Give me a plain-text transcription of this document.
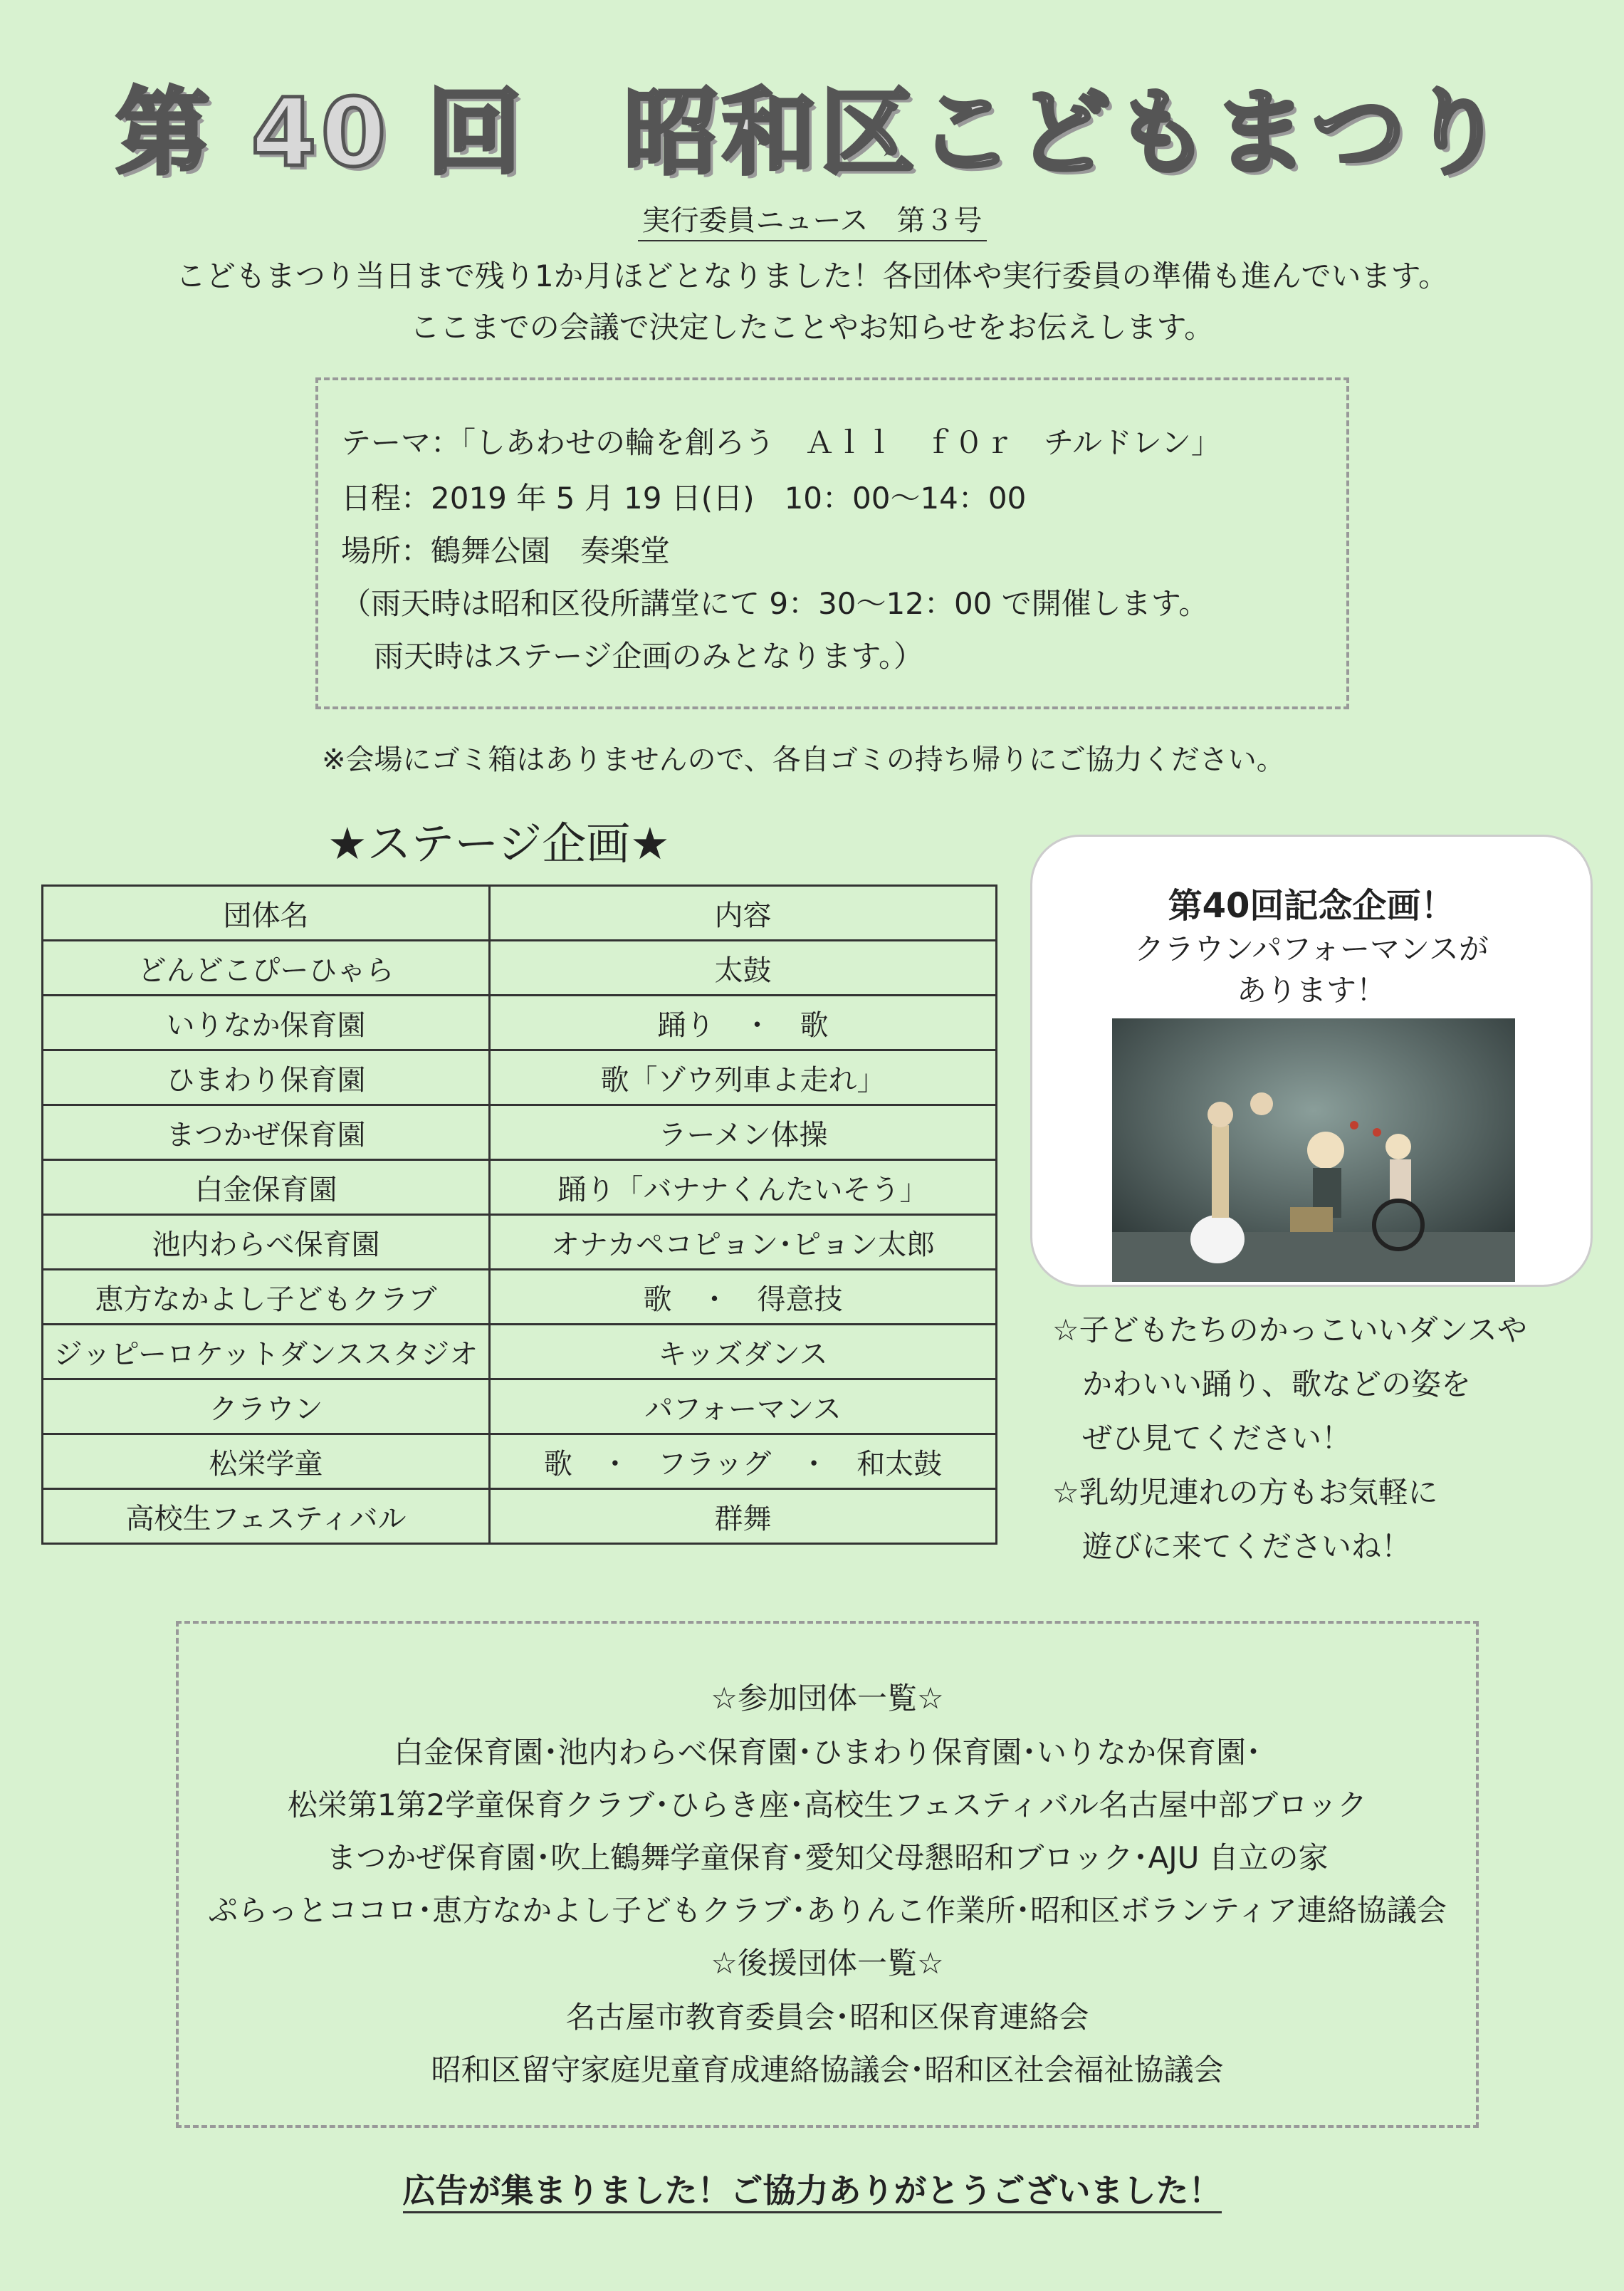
第 40 回　昭和区こどもまつり
実行委員ニュース　第３号
こどもまつり当日まで残り1か月ほどとなりました！各団体や実行委員の準備も進んでいます。
ここまでの会議で決定したことやお知らせをお伝えします。
テーマ：「しあわせの輪を創ろう　Ａｌｌ　ｆ０ｒ　チルドレン」
日程：2019 年 5 月 19 日(日)　10：00～14：00
場所：鶴舞公園　奏楽堂
（雨天時は昭和区役所講堂にて 9：30～12：00 で開催します。
雨天時はステージ企画のみとなります。）
※会場にゴミ箱はありませんので、各自ゴミの持ち帰りにご協力ください。
★ステージ企画★
団体名	内容
どんどこぴーひゃら	太鼓
いりなか保育園	踊り　・　歌
ひまわり保育園	歌「ゾウ列車よ走れ」
まつかぜ保育園	ラーメン体操
白金保育園	踊り「バナナくんたいそう」
池内わらべ保育園	オナカペコピョン･ピョン太郎
恵方なかよし子どもクラブ	歌　・　得意技
ジッピーロケットダンススタジオ	キッズダンス
クラウン	パフォーマンス
松栄学童	歌　・　フラッグ　・　和太鼓
高校生フェスティバル	群舞
第40回記念企画！
クラウンパフォーマンスが
あります！
☆子どもたちのかっこいいダンスや
　かわいい踊り、歌などの姿を
　ぜひ見てください！
☆乳幼児連れの方もお気軽に
　遊びに来てくださいね！
☆参加団体一覧☆
白金保育園･池内わらべ保育園･ひまわり保育園･いりなか保育園･
松栄第1第2学童保育クラブ･ひらき座･高校生フェスティバル名古屋中部ブロック
まつかぜ保育園･吹上鶴舞学童保育･愛知父母懇昭和ブロック･AJU 自立の家
ぷらっとココロ･恵方なかよし子どもクラブ･ありんこ作業所･昭和区ボランティア連絡協議会
☆後援団体一覧☆
名古屋市教育委員会･昭和区保育連絡会
昭和区留守家庭児童育成連絡協議会･昭和区社会福祉協議会
広告が集まりました！ご協力ありがとうございました！
